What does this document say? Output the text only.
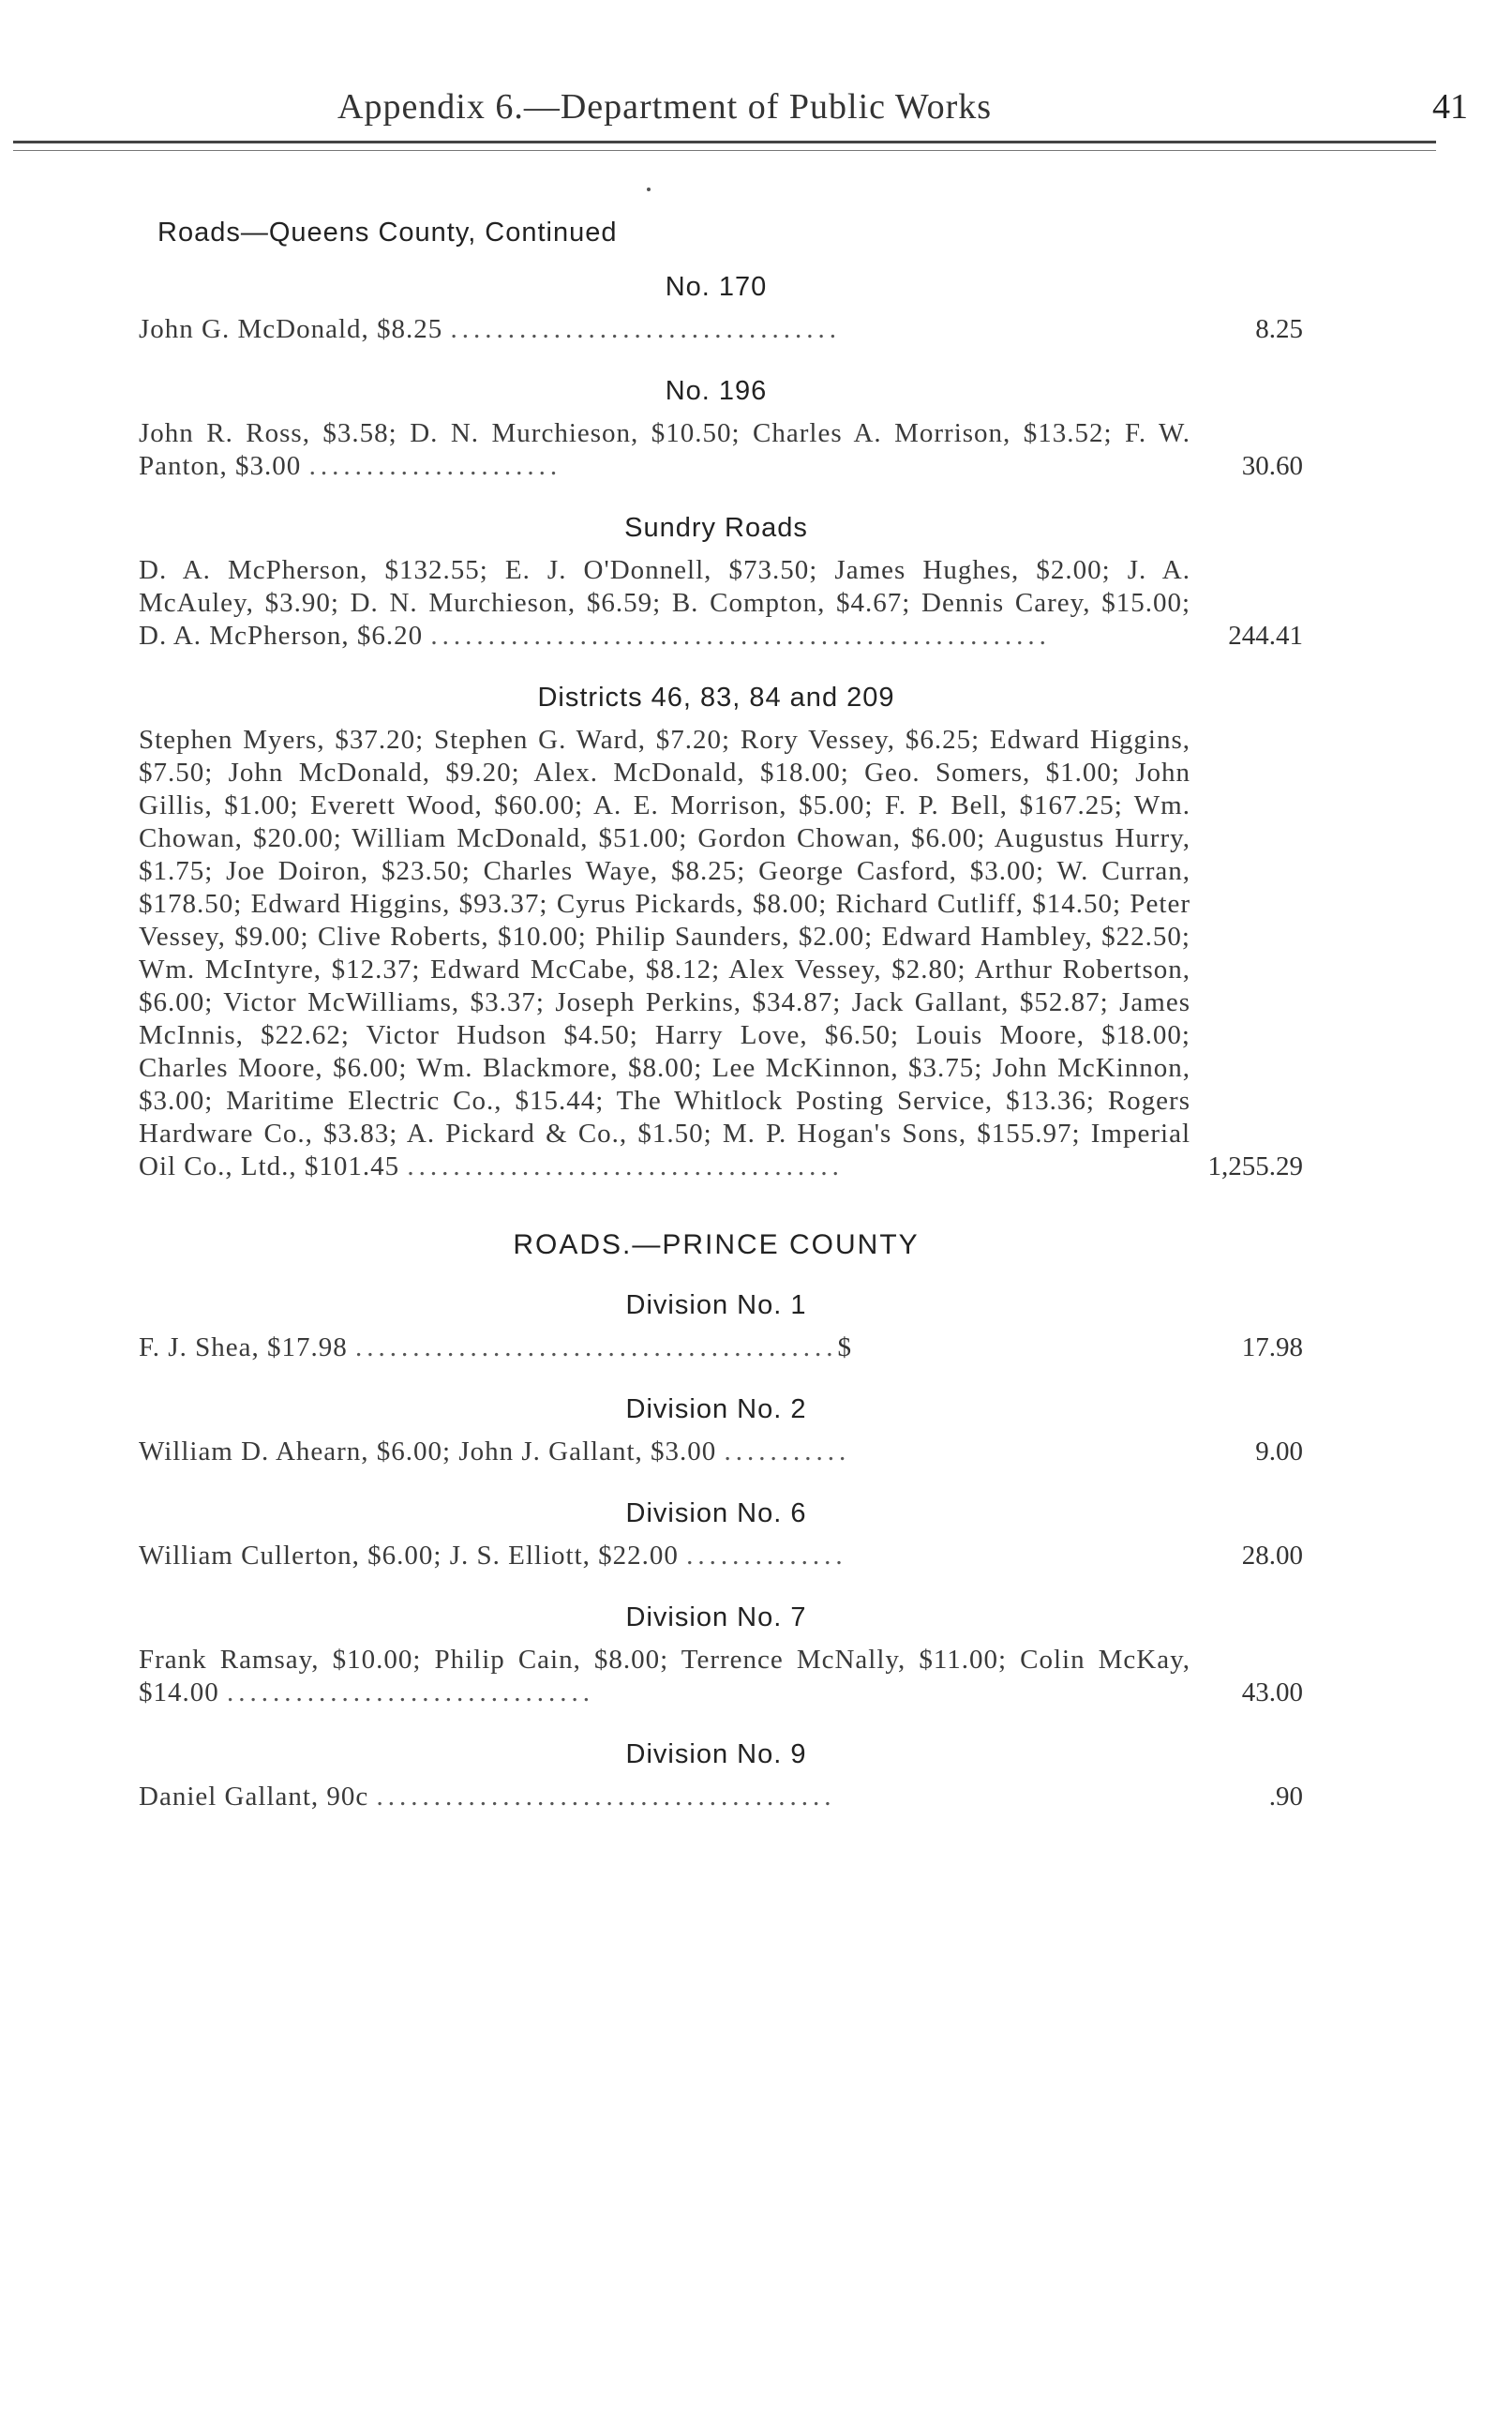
Appendix 6.—Department of Public Works	41
Roads—Queens County, Continued
No. 170
John G. McDonald, $8.25 ..................................	8.25
No. 196
John R. Ross, $3.58; D. N. Murchieson, $10.50; Charles A. Morrison, $13.52; F. W. Panton, $3.00 ......................	30.60
Sundry Roads
D. A. McPherson, $132.55; E. J. O'Donnell, $73.50; James Hughes, $2.00; J. A. McAuley, $3.90; D. N. Murchieson, $6.59; B. Compton, $4.67; Dennis Carey, $15.00; D. A. McPherson, $6.20 ......................................................	244.41
Districts 46, 83, 84 and 209
Stephen Myers, $37.20; Stephen G. Ward, $7.20; Rory Vessey, $6.25; Edward Higgins, $7.50; John McDonald, $9.20; Alex. McDonald, $18.00; Geo. Somers, $1.00; John Gillis, $1.00; Everett Wood, $60.00; A. E. Morrison, $5.00; F. P. Bell, $167.25; Wm. Chowan, $20.00; William McDonald, $51.00; Gordon Chowan, $6.00; Augustus Hurry, $1.75; Joe Doiron, $23.50; Charles Waye, $8.25; George Casford, $3.00; W. Curran, $178.50; Edward Higgins, $93.37; Cyrus Pickards, $8.00; Richard Cutliff, $14.50; Peter Vessey, $9.00; Clive Roberts, $10.00; Philip Saunders, $2.00; Edward Hambley, $22.50; Wm. McIntyre, $12.37; Edward McCabe, $8.12; Alex Vessey, $2.80; Arthur Robertson, $6.00; Victor McWilliams, $3.37; Joseph Perkins, $34.87; Jack Gallant, $52.87; James McInnis, $22.62; Victor Hudson $4.50; Harry Love, $6.50; Louis Moore, $18.00; Charles Moore, $6.00; Wm. Blackmore, $8.00; Lee McKinnon, $3.75; John McKinnon, $3.00; Maritime Electric Co., $15.44; The Whitlock Posting Service, $13.36; Rogers Hardware Co., $3.83; A. Pickard & Co., $1.50; M. P. Hogan's Sons, $155.97; Imperial Oil Co., Ltd., $101.45 ......................................	1,255.29
ROADS.—PRINCE COUNTY
Division No. 1
F. J. Shea, $17.98 ..........................................$	17.98
Division No. 2
William D. Ahearn, $6.00; John J. Gallant, $3.00 ...........	9.00
Division No. 6
William Cullerton, $6.00; J. S. Elliott, $22.00 ..............	28.00
Division No. 7
Frank Ramsay, $10.00; Philip Cain, $8.00; Terrence McNally, $11.00; Colin McKay, $14.00 ................................	43.00
Division No. 9
Daniel Gallant, 90c ........................................	.90
